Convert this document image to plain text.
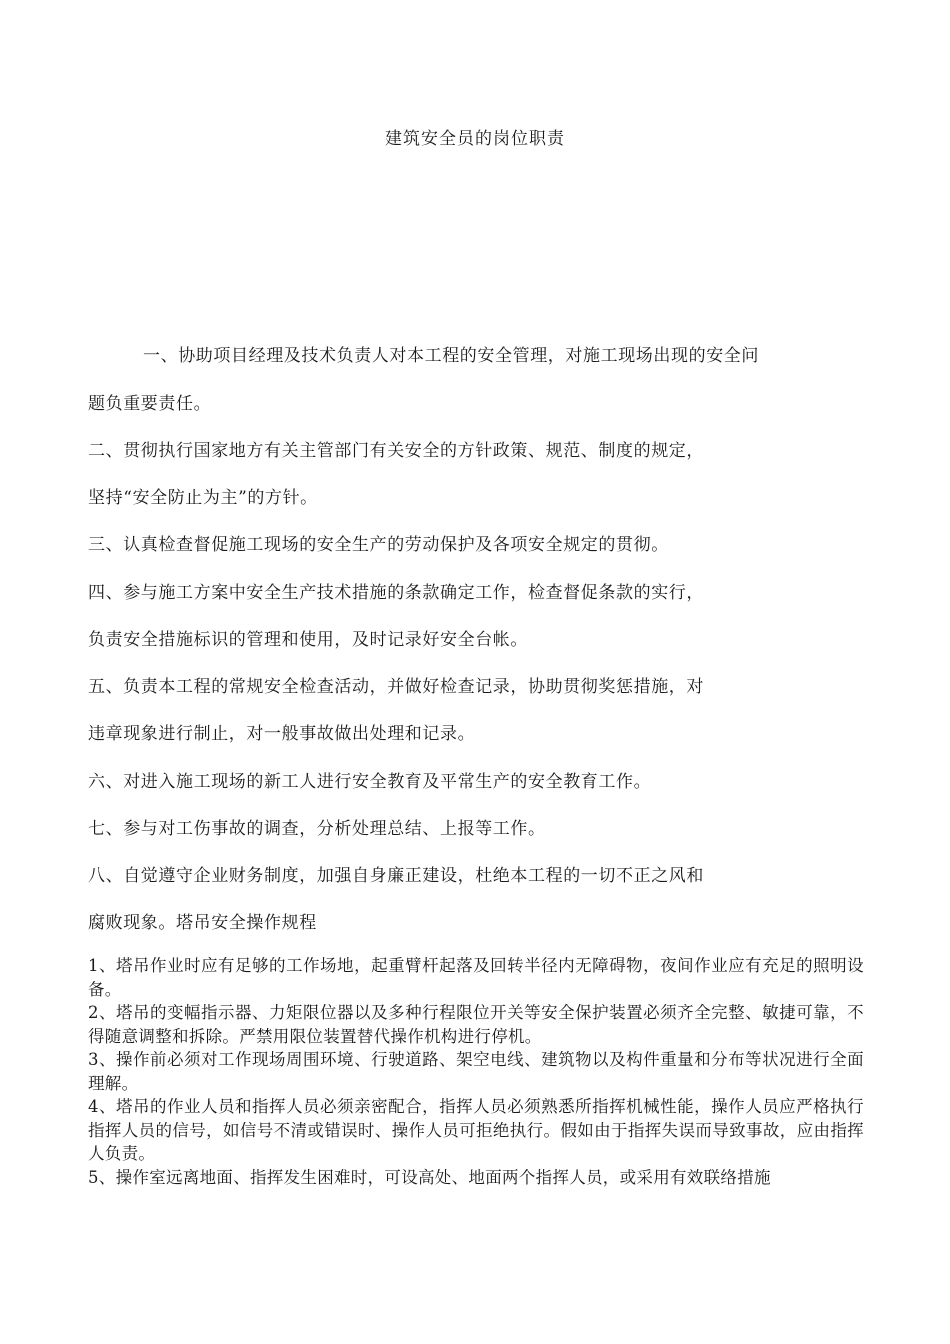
建筑安全员的岗位职责
一、协助项目经理及技术负责人对本工程的安全管理，对施工现场出现的安全问
题负重要责任。
二、贯彻执行国家地方有关主管部门有关安全的方针政策、规范、制度的规定，
坚持“安全防止为主”的方针。
三、认真检查督促施工现场的安全生产的劳动保护及各项安全规定的贯彻。
四、参与施工方案中安全生产技术措施的条款确定工作，检查督促条款的实行，
负责安全措施标识的管理和使用，及时记录好安全台帐。
五、负责本工程的常规安全检查活动，并做好检查记录，协助贯彻奖惩措施，对
违章现象进行制止，对一般事故做出处理和记录。
六、对进入施工现场的新工人进行安全教育及平常生产的安全教育工作。
七、参与对工伤事故的调查，分析处理总结、上报等工作。
八、自觉遵守企业财务制度，加强自身廉正建设，杜绝本工程的一切不正之风和
腐败现象。塔吊安全操作规程

1、塔吊作业时应有足够的工作场地，起重臂杆起落及回转半径内无障碍物，夜间作业应有充足的照明设备。

2、塔吊的变幅指示器、力矩限位器以及多种行程限位开关等安全保护装置必须齐全完整、敏捷可靠，不得随意调整和拆除。严禁用限位装置替代操作机构进行停机。

3、操作前必须对工作现场周围环境、行驶道路、架空电线、建筑物以及构件重量和分布等状况进行全面理解。

4、塔吊的作业人员和指挥人员必须亲密配合，指挥人员必须熟悉所指挥机械性能，操作人员应严格执行指挥人员的信号，如信号不清或错误时、操作人员可拒绝执行。假如由于指挥失误而导致事故，应由指挥人负责。

5、操作室远离地面、指挥发生困难时，可设高处、地面两个指挥人员，或采用有效联络措施
